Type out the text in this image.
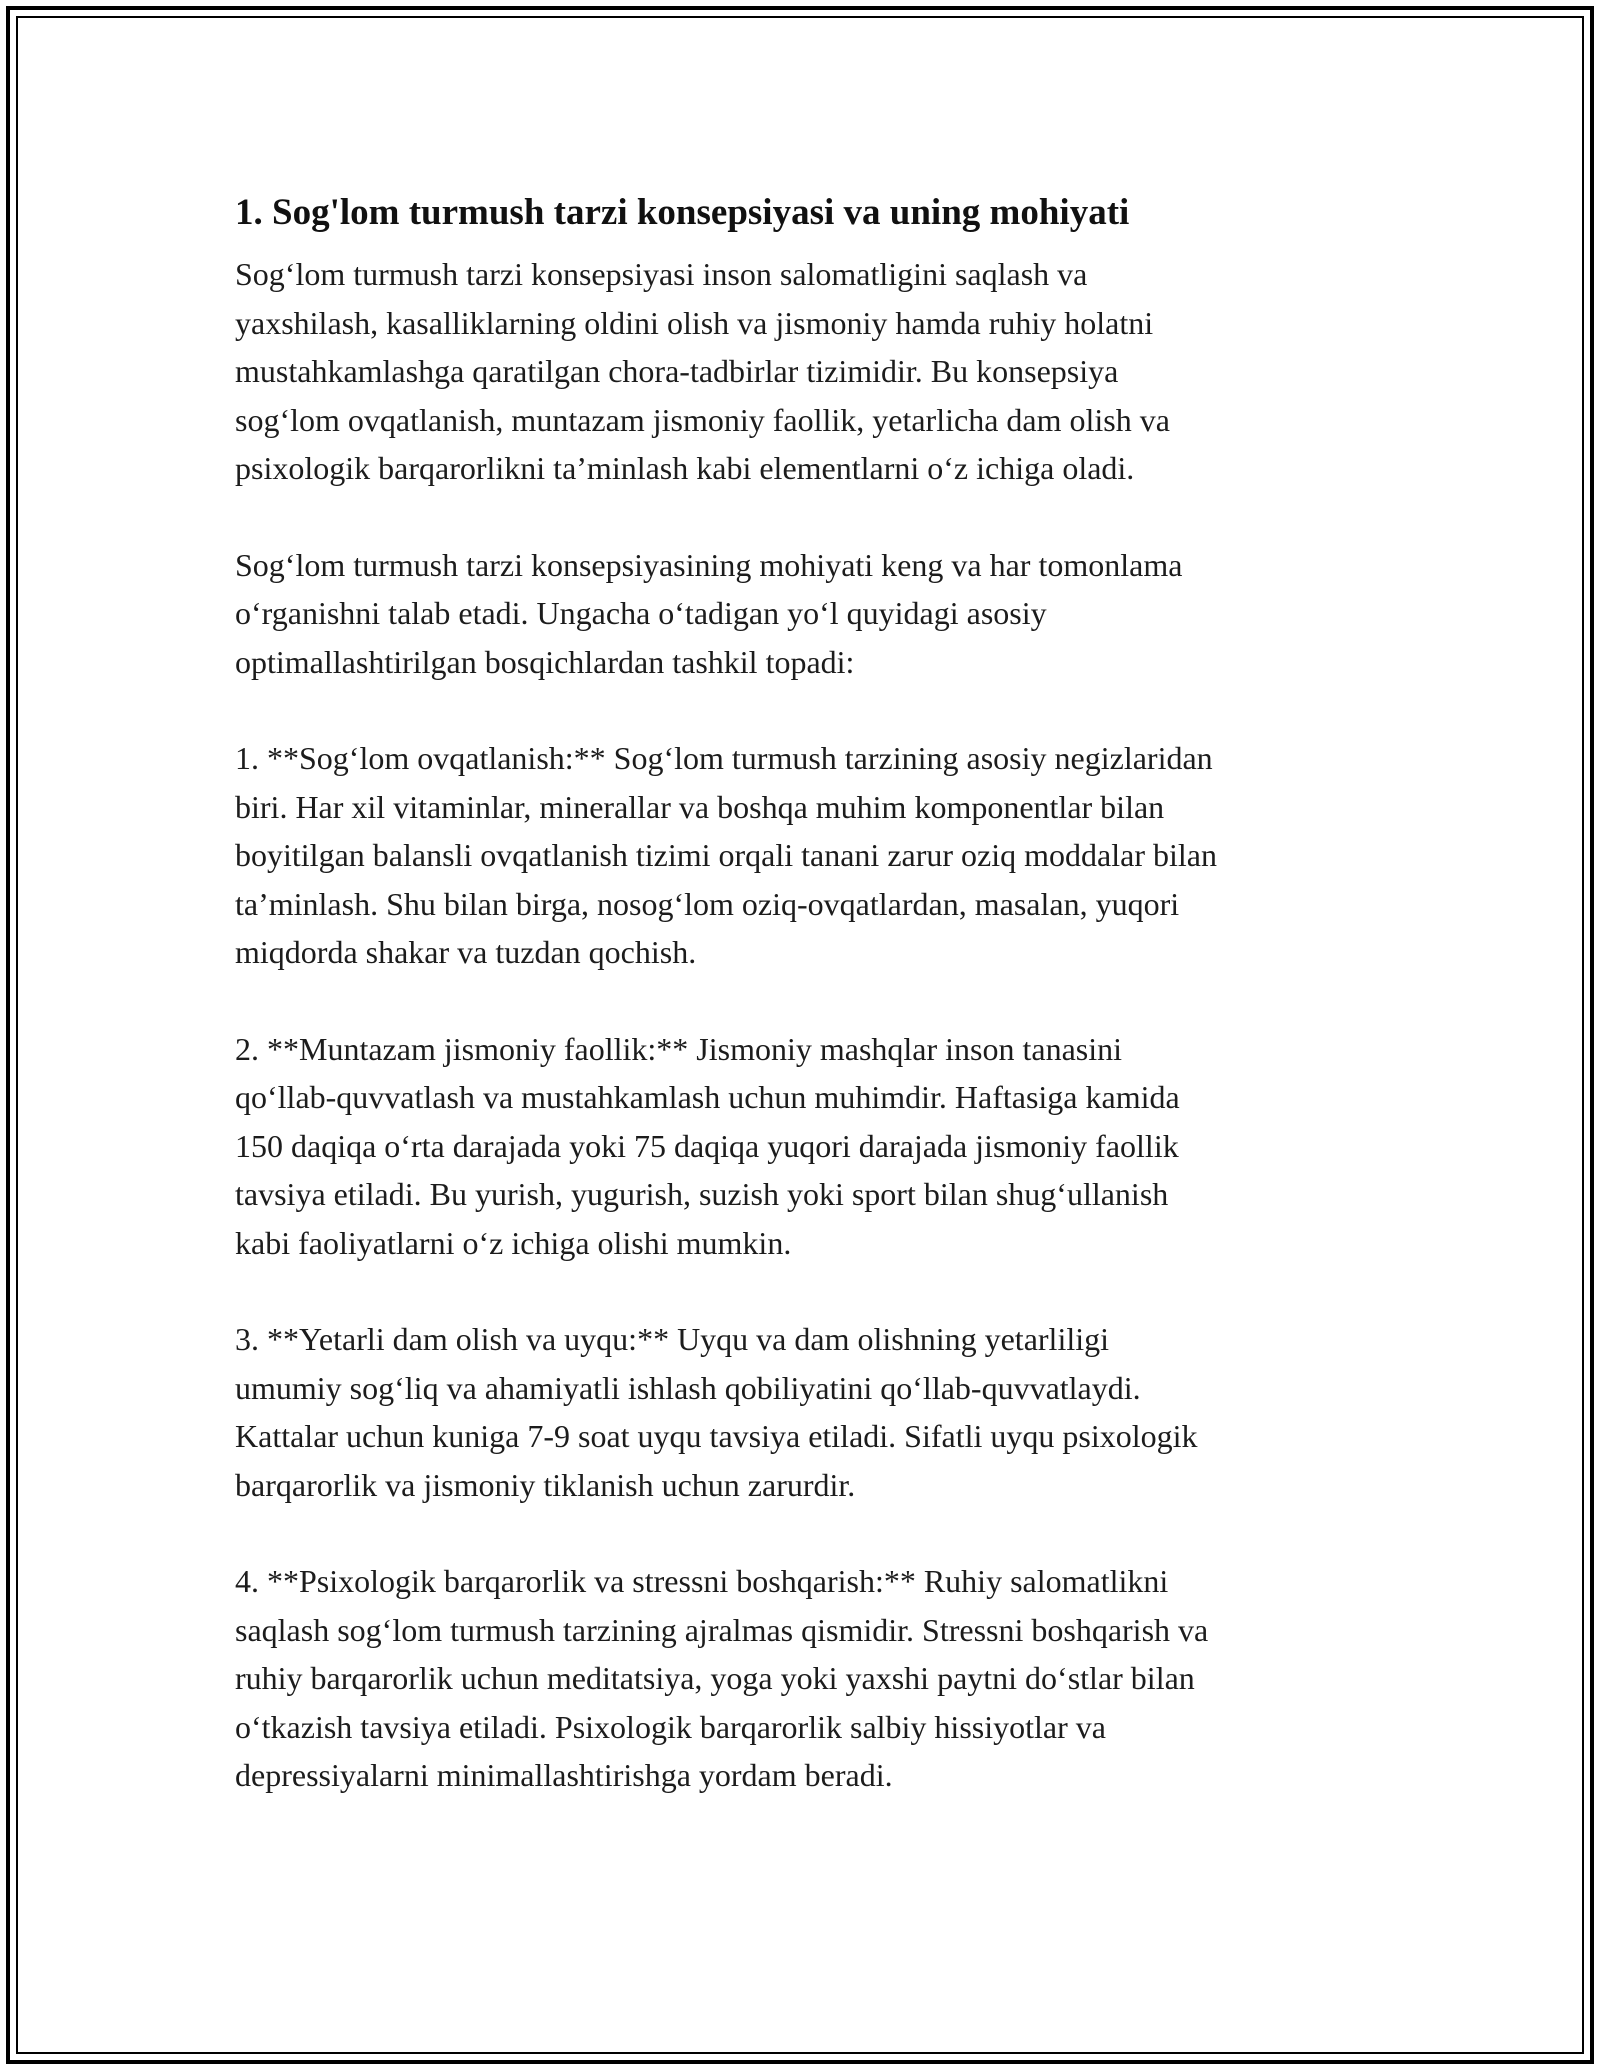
1. Sog'lom turmush tarzi konsepsiyasi va uning mohiyati
Sog‘lom turmush tarzi konsepsiyasi inson salomatligini saqlash va
yaxshilash, kasalliklarning oldini olish va jismoniy hamda ruhiy holatni
mustahkamlashga qaratilgan chora-tadbirlar tizimidir. Bu konsepsiya
sog‘lom ovqatlanish, muntazam jismoniy faollik, yetarlicha dam olish va
psixologik barqarorlikni ta’minlash kabi elementlarni o‘z ichiga oladi.
Sog‘lom turmush tarzi konsepsiyasining mohiyati keng va har tomonlama
o‘rganishni talab etadi. Ungacha o‘tadigan yo‘l quyidagi asosiy
optimallashtirilgan bosqichlardan tashkil topadi:
1. **Sog‘lom ovqatlanish:** Sog‘lom turmush tarzining asosiy negizlaridan
biri. Har xil vitaminlar, minerallar va boshqa muhim komponentlar bilan
boyitilgan balansli ovqatlanish tizimi orqali tanani zarur oziq moddalar bilan
ta’minlash. Shu bilan birga, nosog‘lom oziq-ovqatlardan, masalan, yuqori
miqdorda shakar va tuzdan qochish.
2. **Muntazam jismoniy faollik:** Jismoniy mashqlar inson tanasini
qo‘llab-quvvatlash va mustahkamlash uchun muhimdir. Haftasiga kamida
150 daqiqa o‘rta darajada yoki 75 daqiqa yuqori darajada jismoniy faollik
tavsiya etiladi. Bu yurish, yugurish, suzish yoki sport bilan shug‘ullanish
kabi faoliyatlarni o‘z ichiga olishi mumkin.
3. **Yetarli dam olish va uyqu:** Uyqu va dam olishning yetarliligi
umumiy sog‘liq va ahamiyatli ishlash qobiliyatini qo‘llab-quvvatlaydi.
Kattalar uchun kuniga 7-9 soat uyqu tavsiya etiladi. Sifatli uyqu psixologik
barqarorlik va jismoniy tiklanish uchun zarurdir.
4. **Psixologik barqarorlik va stressni boshqarish:** Ruhiy salomatlikni
saqlash sog‘lom turmush tarzining ajralmas qismidir. Stressni boshqarish va
ruhiy barqarorlik uchun meditatsiya, yoga yoki yaxshi paytni do‘stlar bilan
o‘tkazish tavsiya etiladi. Psixologik barqarorlik salbiy hissiyotlar va
depressiyalarni minimallashtirishga yordam beradi.
